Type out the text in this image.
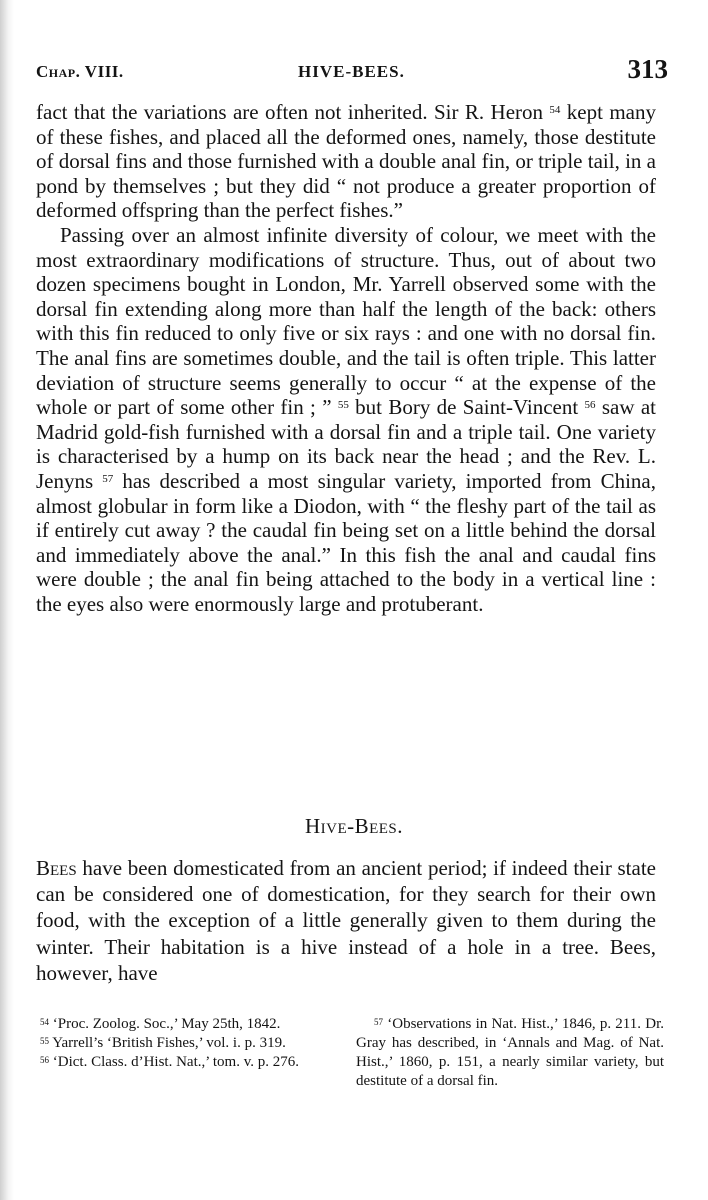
Chap. VIII.	HIVE-BEES.	313

fact that the variations are often not inherited. Sir R. Heron $^{54}$ kept many of these fishes, and placed all the deformed ones, namely, those destitute of dorsal fins and those furnished with a double anal fin, or triple tail, in a pond by themselves ; but they did “ not produce a greater proportion of deformed offspring than the perfect fishes.”

Passing over an almost infinite diversity of colour, we meet with the most extraordinary modifications of structure. Thus, out of about two dozen specimens bought in London, Mr. Yarrell observed some with the dorsal fin extending along more than half the length of the back: others with this fin reduced to only five or six rays : and one with no dorsal fin. The anal fins are sometimes double, and the tail is often triple. This latter deviation of structure seems generally to occur “ at the expense of the whole or part of some other fin ; ” $^{55}$ but Bory de Saint-Vincent $^{56}$ saw at Madrid gold-fish furnished with a dorsal fin and a triple tail. One variety is characterised by a hump on its back near the head ; and the Rev. L. Jenyns $^{57}$ has described a most singular variety, imported from China, almost globular in form like a Diodon, with “ the fleshy part of the tail as if entirely cut away ? the caudal fin being set on a little behind the dorsal and immediately above the anal.” In this fish the anal and caudal fins were double ; the anal fin being attached to the body in a vertical line : the eyes also were enormously large and protuberant.

Hive-Bees.

Bees have been domesticated from an ancient period; if indeed their state can be considered one of domestication, for they search for their own food, with the exception of a little generally given to them during the winter. Their habitation is a hive instead of a hole in a tree. Bees, however, have

$^{54}$ ‘Proc. Zoolog. Soc.,’ May 25th, 1842.

$^{55}$ Yarrell’s ‘British Fishes,’ vol. i. p. 319.

$^{56}$ ‘Dict. Class. d’Hist. Nat.,’ tom. v. p. 276.

$^{57}$ ‘Observations in Nat. Hist.,’ 1846, p. 211. Dr. Gray has described, in ‘Annals and Mag. of Nat. Hist.,’ 1860, p. 151, a nearly similar variety, but destitute of a dorsal fin.
